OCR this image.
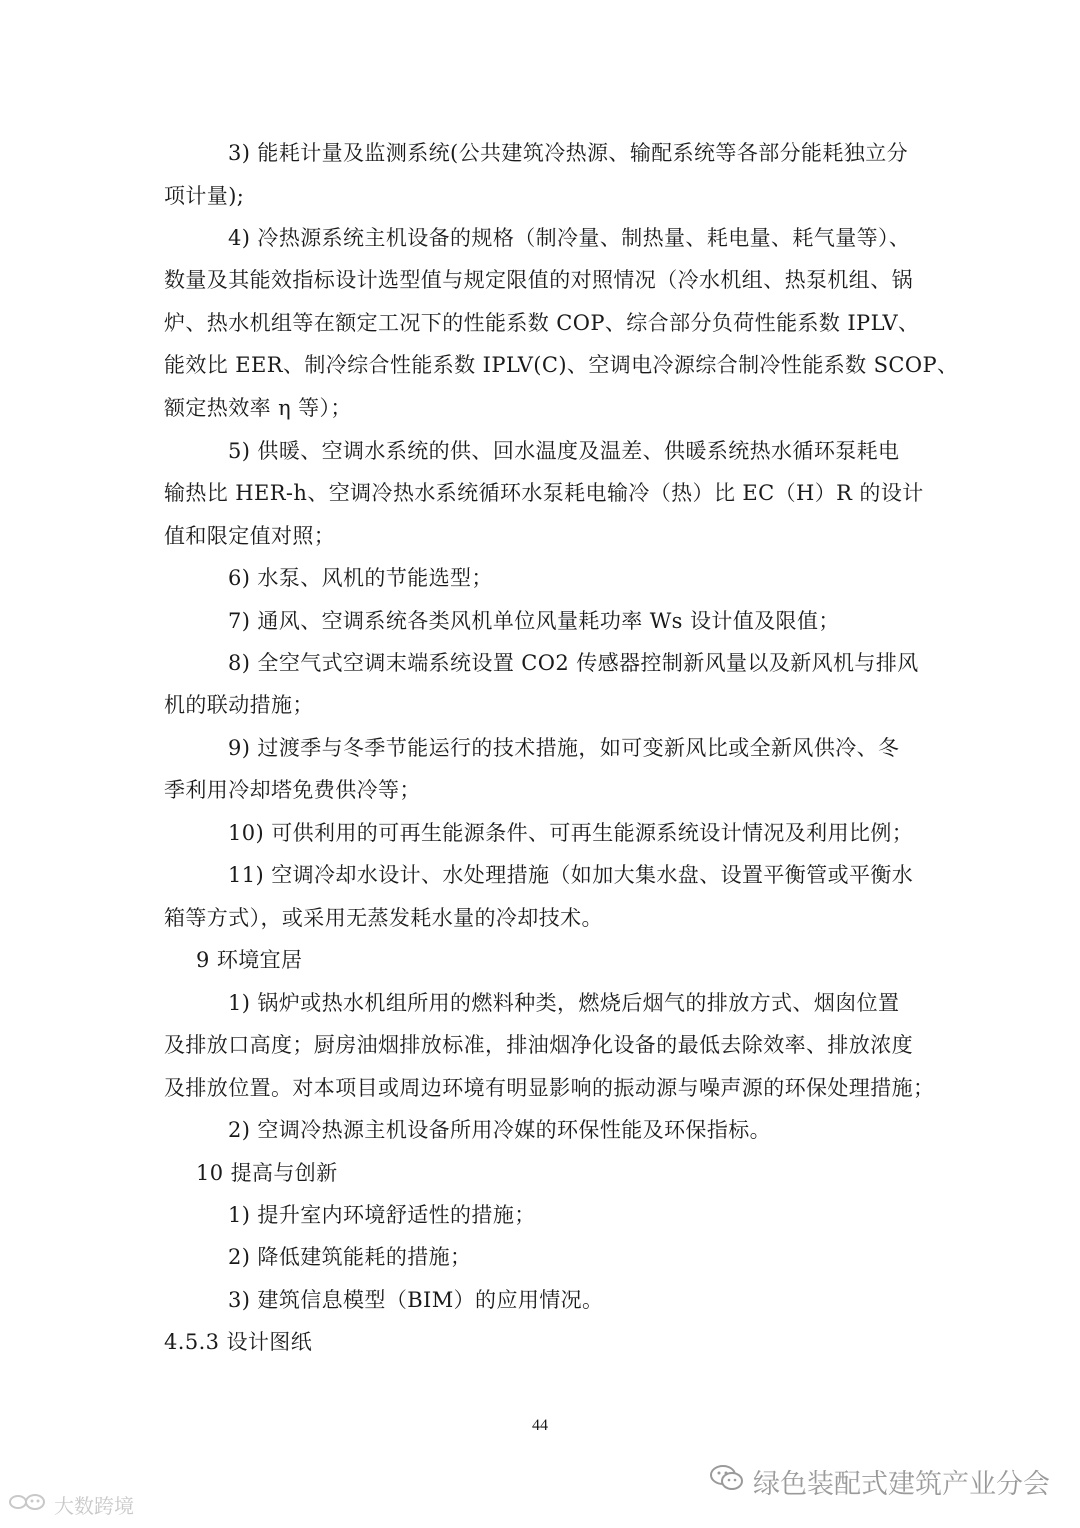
3) 能耗计量及监测系统(公共建筑冷热源、输配系统等各部分能耗独立分
项计量);
4) 冷热源系统主机设备的规格（制冷量、制热量、耗电量、耗气量等）、
数量及其能效指标设计选型值与规定限值的对照情况（冷水机组、热泵机组、锅
炉、热水机组等在额定工况下的性能系数 COP、综合部分负荷性能系数 IPLV、
能效比 EER、制冷综合性能系数 IPLV(C)、空调电冷源综合制冷性能系数 SCOP、
额定热效率 η 等）；
5) 供暖、空调水系统的供、回水温度及温差、供暖系统热水循环泵耗电
输热比 HER-h、空调冷热水系统循环水泵耗电输冷（热）比 EC（H）R 的设计
值和限定值对照；
6) 水泵、风机的节能选型；
7) 通风、空调系统各类风机单位风量耗功率 Ws 设计值及限值；
8) 全空气式空调末端系统设置 CO2 传感器控制新风量以及新风机与排风
机的联动措施；
9) 过渡季与冬季节能运行的技术措施，如可变新风比或全新风供冷、冬
季利用冷却塔免费供冷等；
10) 可供利用的可再生能源条件、可再生能源系统设计情况及利用比例；
11) 空调冷却水设计、水处理措施（如加大集水盘、设置平衡管或平衡水
箱等方式），或采用无蒸发耗水量的冷却技术。
9 环境宜居
1) 锅炉或热水机组所用的燃料种类，燃烧后烟气的排放方式、烟囱位置
及排放口高度；厨房油烟排放标准，排油烟净化设备的最低去除效率、排放浓度
及排放位置。对本项目或周边环境有明显影响的振动源与噪声源的环保处理措施；
2) 空调冷热源主机设备所用冷媒的环保性能及环保指标。
10 提高与创新
1) 提升室内环境舒适性的措施；
2) 降低建筑能耗的措施；
3) 建筑信息模型（BIM）的应用情况。
4.5.3 设计图纸
44
大数跨境
绿色装配式建筑产业分会
